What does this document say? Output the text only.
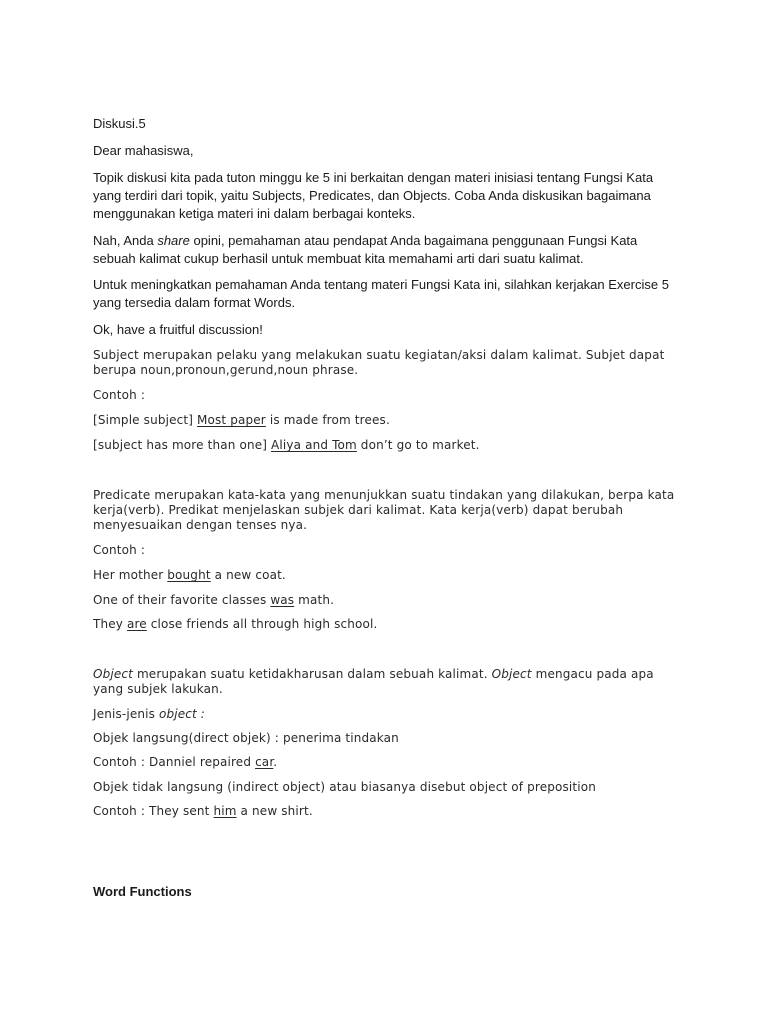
Diskusi.5

Dear mahasiswa,

Topik diskusi kita pada tuton minggu ke 5 ini berkaitan dengan materi inisiasi tentang Fungsi Kata yang terdiri dari topik, yaitu Subjects, Predicates, dan Objects. Coba Anda diskusikan bagaimana menggunakan ketiga materi ini dalam berbagai konteks.

Nah, Anda share opini, pemahaman atau pendapat Anda bagaimana penggunaan Fungsi Kata sebuah kalimat cukup berhasil untuk membuat kita memahami arti dari suatu kalimat.

Untuk meningkatkan pemahaman Anda tentang materi Fungsi Kata ini, silahkan kerjakan Exercise 5 yang tersedia dalam format Words.

Ok, have a fruitful discussion!

Subject merupakan pelaku yang melakukan suatu kegiatan/aksi dalam kalimat. Subjet dapat berupa noun,pronoun,gerund,noun phrase.

Contoh :

[Simple subject] Most paper is made from trees.

[subject has more than one] Aliya and Tom don’t go to market.

Predicate merupakan kata-kata yang menunjukkan suatu tindakan yang dilakukan, berpa kata kerja(verb). Predikat menjelaskan subjek dari kalimat. Kata kerja(verb) dapat berubah menyesuaikan dengan tenses nya.

Contoh :

Her mother bought a new coat.

One of their favorite classes was math.

They are close friends all through high school.

Object merupakan suatu ketidakharusan dalam sebuah kalimat. Object mengacu pada apa yang subjek lakukan.

Jenis-jenis object :

Objek langsung(direct objek) : penerima tindakan

Contoh : Danniel repaired car.

Objek tidak langsung (indirect object) atau biasanya disebut object of preposition

Contoh : They sent him a new shirt.

Word Functions
